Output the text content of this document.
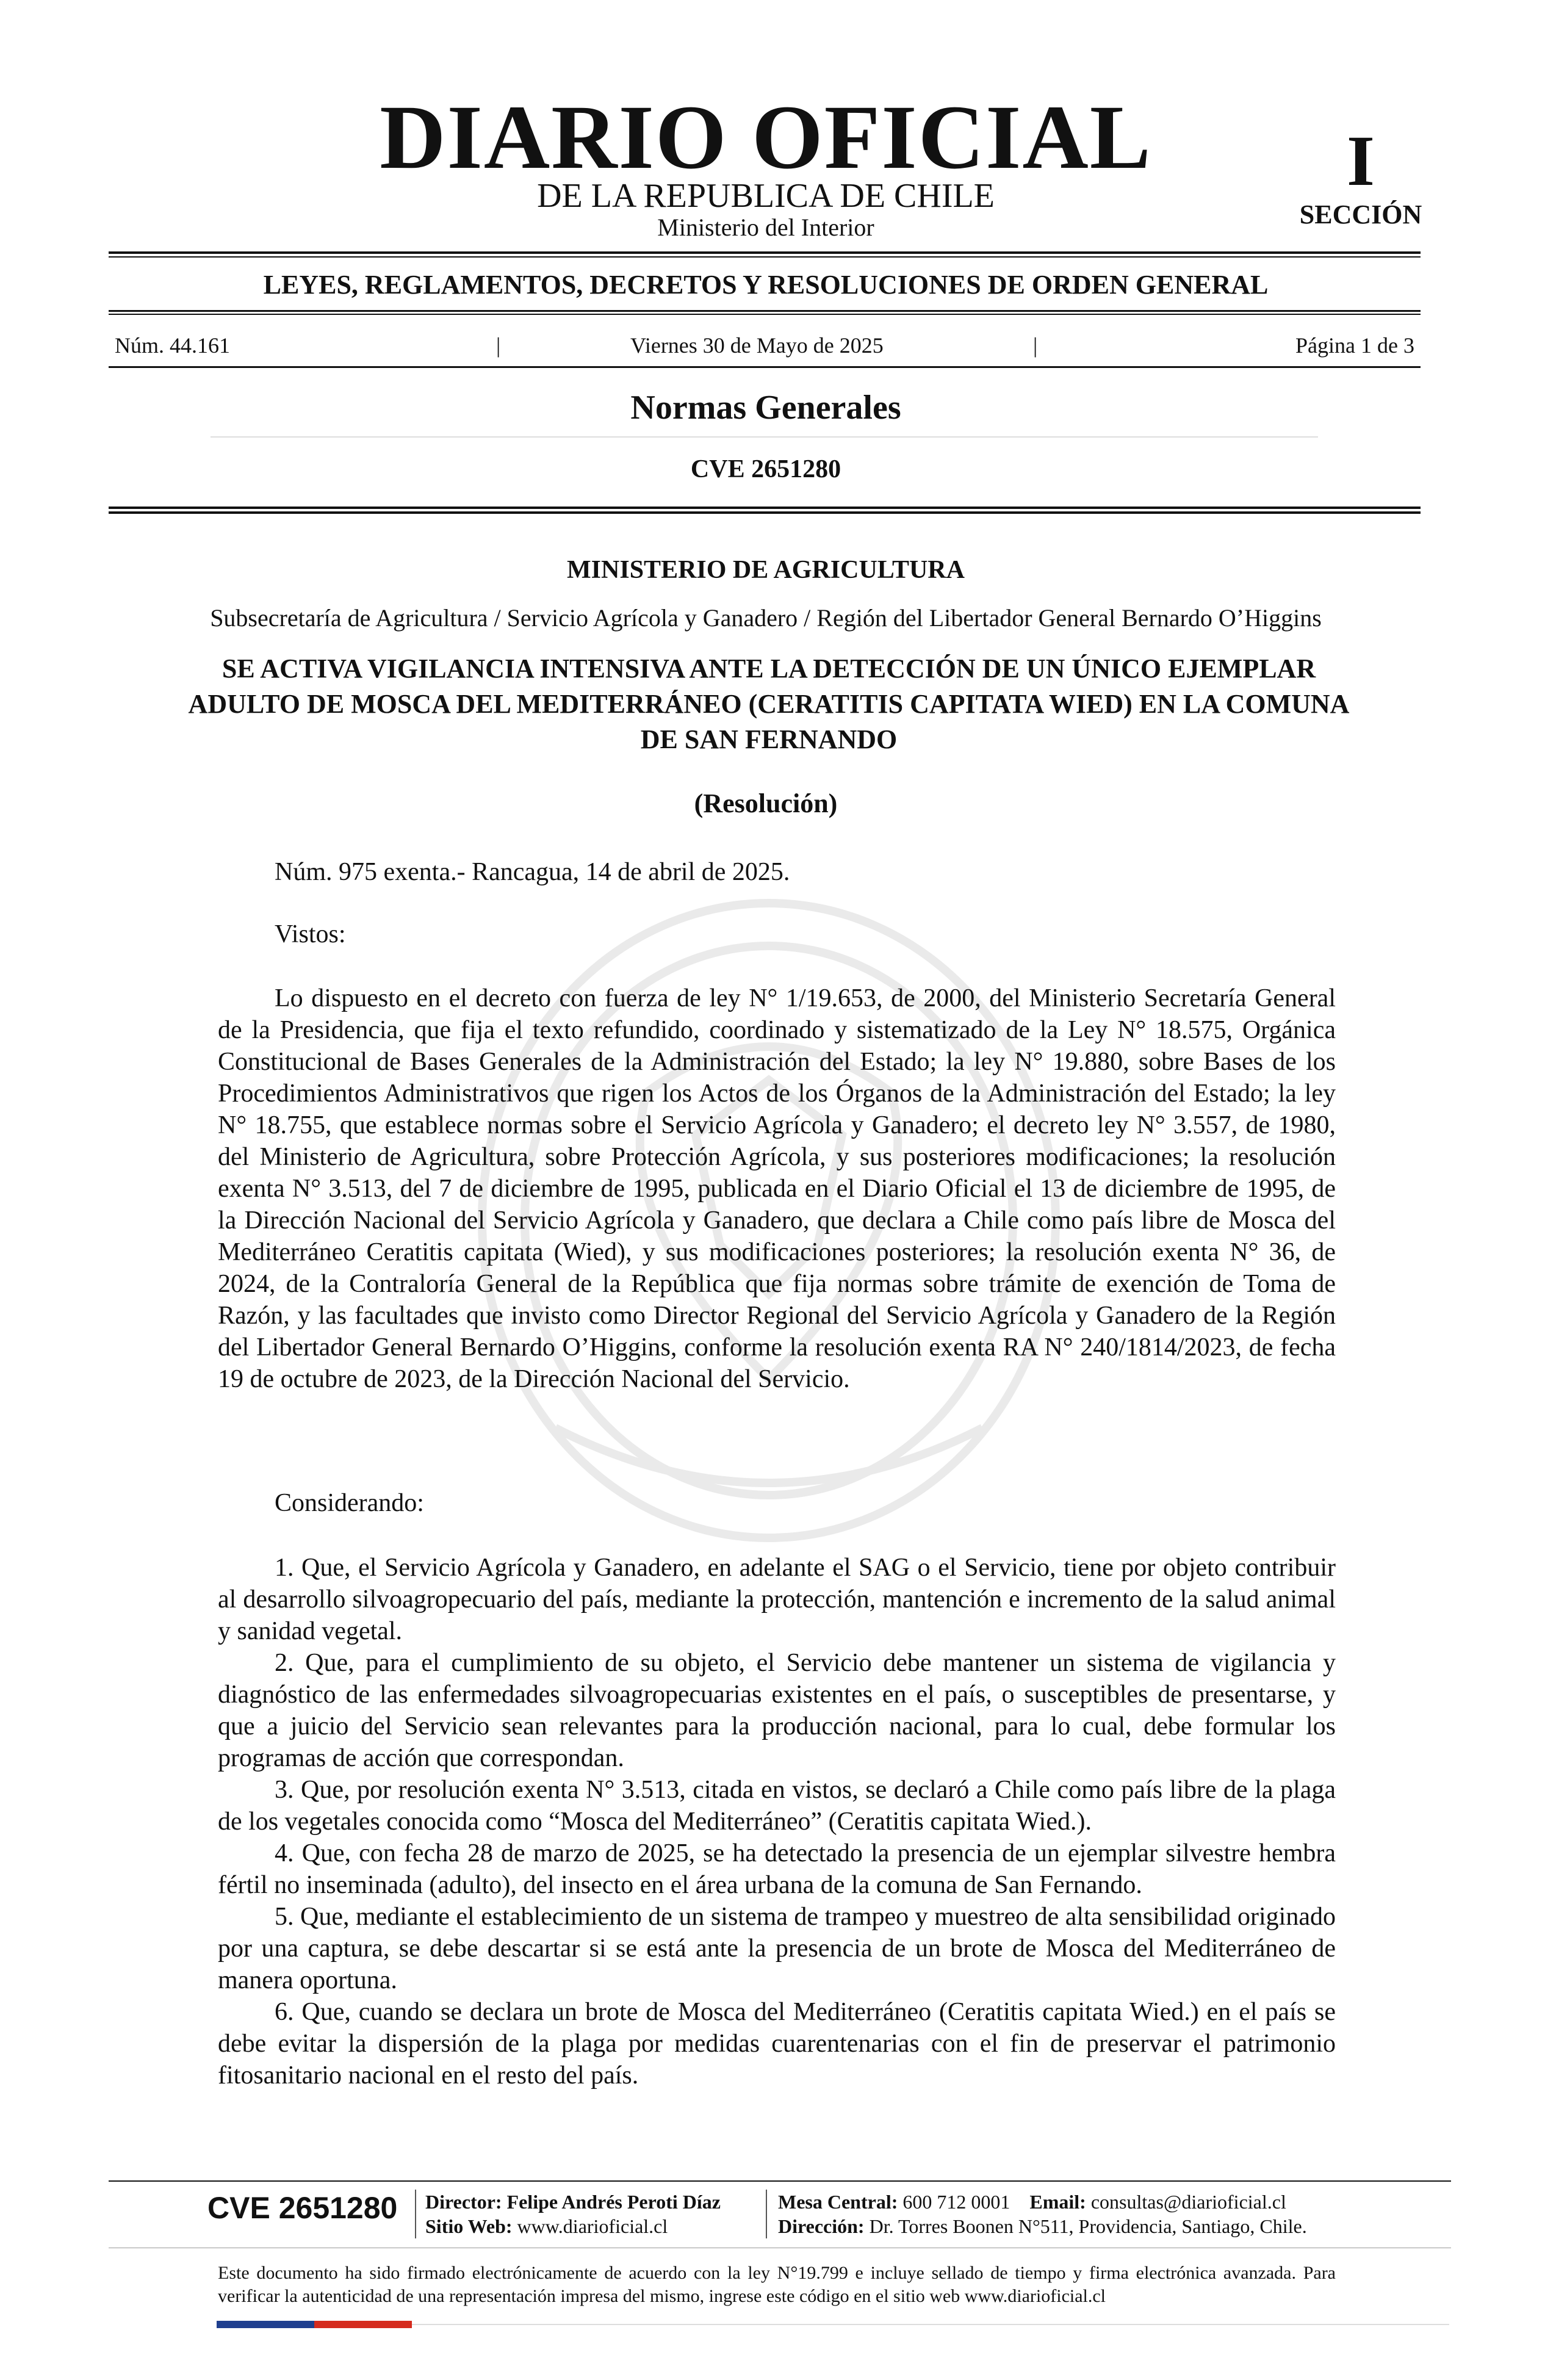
DIARIO OFICIAL
DE LA REPUBLICA DE CHILE
Ministerio del Interior
I
SECCIÓN
LEYES, REGLAMENTOS, DECRETOS Y RESOLUCIONES DE ORDEN GENERAL
Núm. 44.161	|	Viernes 30 de Mayo de 2025	|	Página 1 de 3
Normas Generales
CVE 2651280
MINISTERIO DE AGRICULTURA
Subsecretaría de Agricultura / Servicio Agrícola y Ganadero / Región del Libertador General Bernardo O’Higgins
SE ACTIVA VIGILANCIA INTENSIVA ANTE LA DETECCIÓN DE UN ÚNICO EJEMPLAR ADULTO DE MOSCA DEL MEDITERRÁNEO (CERATITIS CAPITATA WIED) EN LA COMUNA DE SAN FERNANDO
(Resolución)
Núm. 975 exenta.- Rancagua, 14 de abril de 2025.
Vistos:

Lo dispuesto en el decreto con fuerza de ley N° 1/19.653, de 2000, del Ministerio Secretaría General de la Presidencia, que fija el texto refundido, coordinado y sistematizado de la Ley N° 18.575, Orgánica Constitucional de Bases Generales de la Administración del Estado; la ley N° 19.880, sobre Bases de los Procedimientos Administrativos que rigen los Actos de los Órganos de la Administración del Estado; la ley N° 18.755, que establece normas sobre el Servicio Agrícola y Ganadero; el decreto ley N° 3.557, de 1980, del Ministerio de Agricultura, sobre Protección Agrícola, y sus posteriores modificaciones; la resolución exenta N° 3.513, del 7 de diciembre de 1995, publicada en el Diario Oficial el 13 de diciembre de 1995, de la Dirección Nacional del Servicio Agrícola y Ganadero, que declara a Chile como país libre de Mosca del Mediterráneo Ceratitis capitata (Wied), y sus modificaciones posteriores; la resolución exenta N° 36, de 2024, de la Contraloría General de la República que fija normas sobre trámite de exención de Toma de Razón, y las facultades que invisto como Director Regional del Servicio Agrícola y Ganadero de la Región del Libertador General Bernardo O’Higgins, conforme la resolución exenta RA N° 240/1814/2023, de fecha 19 de octubre de 2023, de la Dirección Nacional del Servicio.

Considerando:

1. Que, el Servicio Agrícola y Ganadero, en adelante el SAG o el Servicio, tiene por objeto contribuir al desarrollo silvoagropecuario del país, mediante la protección, mantención e incremento de la salud animal y sanidad vegetal.

2. Que, para el cumplimiento de su objeto, el Servicio debe mantener un sistema de vigilancia y diagnóstico de las enfermedades silvoagropecuarias existentes en el país, o susceptibles de presentarse, y que a juicio del Servicio sean relevantes para la producción nacional, para lo cual, debe formular los programas de acción que correspondan.

3. Que, por resolución exenta N° 3.513, citada en vistos, se declaró a Chile como país libre de la plaga de los vegetales conocida como “Mosca del Mediterráneo” (Ceratitis capitata Wied.).

4. Que, con fecha 28 de marzo de 2025, se ha detectado la presencia de un ejemplar silvestre hembra fértil no inseminada (adulto), del insecto en el área urbana de la comuna de San Fernando.

5. Que, mediante el establecimiento de un sistema de trampeo y muestreo de alta sensibilidad originado por una captura, se debe descartar si se está ante la presencia de un brote de Mosca del Mediterráneo de manera oportuna.

6. Que, cuando se declara un brote de Mosca del Mediterráneo (Ceratitis capitata Wied.) en el país se debe evitar la dispersión de la plaga por medidas cuarentenarias con el fin de preservar el patrimonio fitosanitario nacional en el resto del país.

CVE 2651280	Director: Felipe Andrés Peroti Díaz
Sitio Web: www.diarioficial.cl
Mesa Central: 600 712 0001 Email: consultas@diarioficial.cl
Dirección: Dr. Torres Boonen N°511, Providencia, Santiago, Chile.
Este documento ha sido firmado electrónicamente de acuerdo con la ley N°19.799 e incluye sellado de tiempo y firma electrónica avanzada. Para verificar la autenticidad de una representación impresa del mismo, ingrese este código en el sitio web www.diarioficial.cl
